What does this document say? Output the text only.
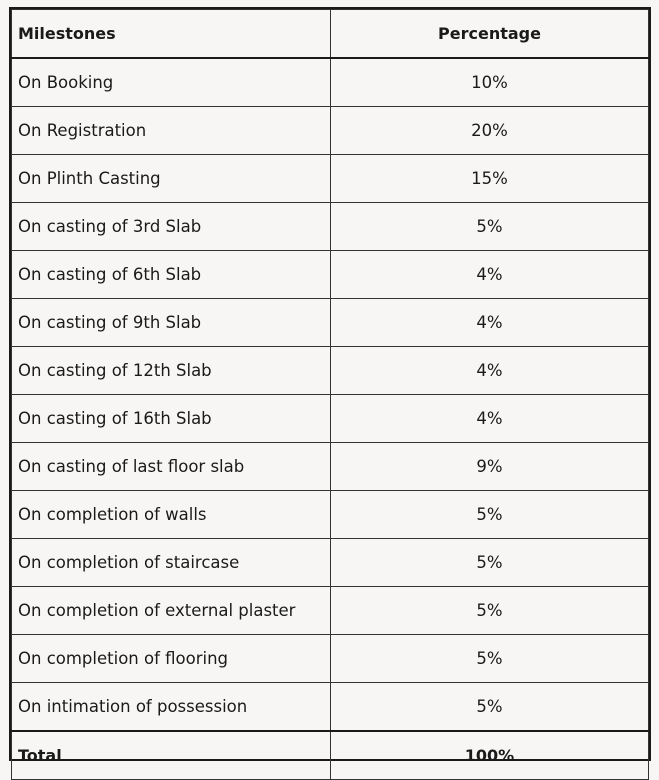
Milestones	Percentage
On Booking	10%
On Registration	20%
On Plinth Casting	15%
On casting of 3rd Slab	5%
On casting of 6th Slab	4%
On casting of 9th Slab	4%
On casting of 12th Slab	4%
On casting of 16th Slab	4%
On casting of last floor slab	9%
On completion of walls	5%
On completion of staircase	5%
On completion of external plaster	5%
On completion of flooring	5%
On intimation of possession	5%
Total	100%
